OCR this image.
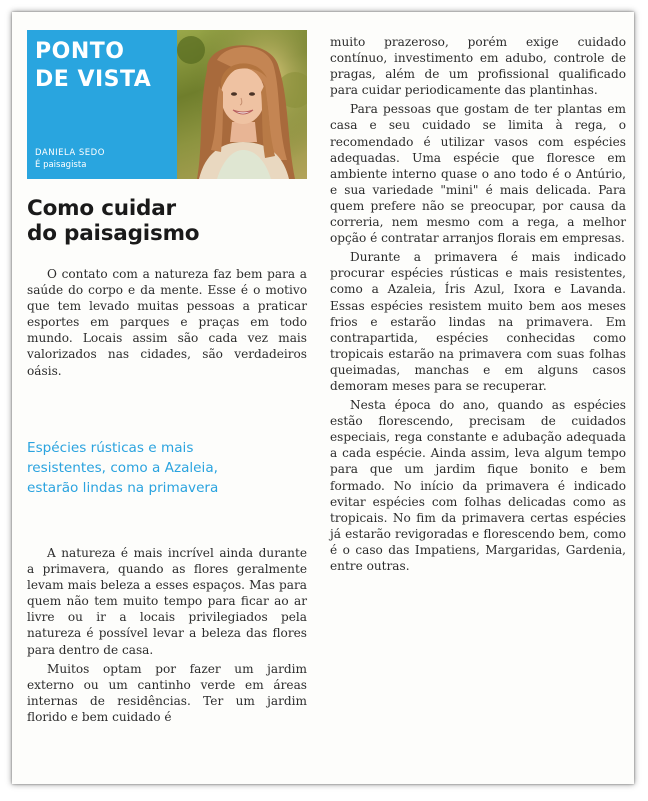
PONTO
DE VISTA
DANIELA SEDO
É paisagista
Como cuidar
do paisagismo

O contato com a natureza faz bem para a saúde do corpo e da mente. Esse é o motivo que tem levado muitas pessoas a praticar esportes em parques e praças em todo mundo. Locais assim são cada vez mais valorizados nas cidades, são verdadeiros oásis.

Espécies rústicas e mais
resistentes, como a Azaleia,
estarão lindas na primavera

A natureza é mais incrível ainda durante a primavera, quando as flores geralmente levam mais beleza a esses espaços. Mas para quem não tem muito tempo para ficar ao ar livre ou ir a locais privilegiados pela natureza é possível levar a beleza das flores para dentro de casa.

Muitos optam por fazer um jardim externo ou um cantinho verde em áreas internas de residências. Ter um jardim florido e bem cuidado é

muito prazeroso, porém exige cuidado contínuo, investimento em adubo, controle de pragas, além de um profissional qualificado para cuidar periodicamente das plantinhas.

Para pessoas que gostam de ter plantas em casa e seu cuidado se limita à rega, o recomendado é utilizar vasos com espécies adequadas. Uma espécie que floresce em ambiente interno quase o ano todo é o Antúrio, e sua variedade "mini" é mais delicada. Para quem prefere não se preocupar, por causa da correria, nem mesmo com a rega, a melhor opção é contratar arranjos florais em empresas.

Durante a primavera é mais indicado procurar espécies rústicas e mais resistentes, como a Azaleia, Íris Azul, Ixora e Lavanda. Essas espécies resistem muito bem aos meses frios e estarão lindas na primavera. Em contrapartida, espécies conhecidas como tropicais estarão na primavera com suas folhas queimadas, manchas e em alguns casos demoram meses para se recuperar.

Nesta época do ano, quando as espécies estão florescendo, precisam de cuidados especiais, rega constante e adubação adequada a cada espécie. Ainda assim, leva algum tempo para que um jardim fique bonito e bem formado. No início da primavera é indicado evitar espécies com folhas delicadas como as tropicais. No fim da primavera certas espécies já estarão revigoradas e florescendo bem, como é o caso das Impatiens, Margaridas, Gardenia, entre outras.
